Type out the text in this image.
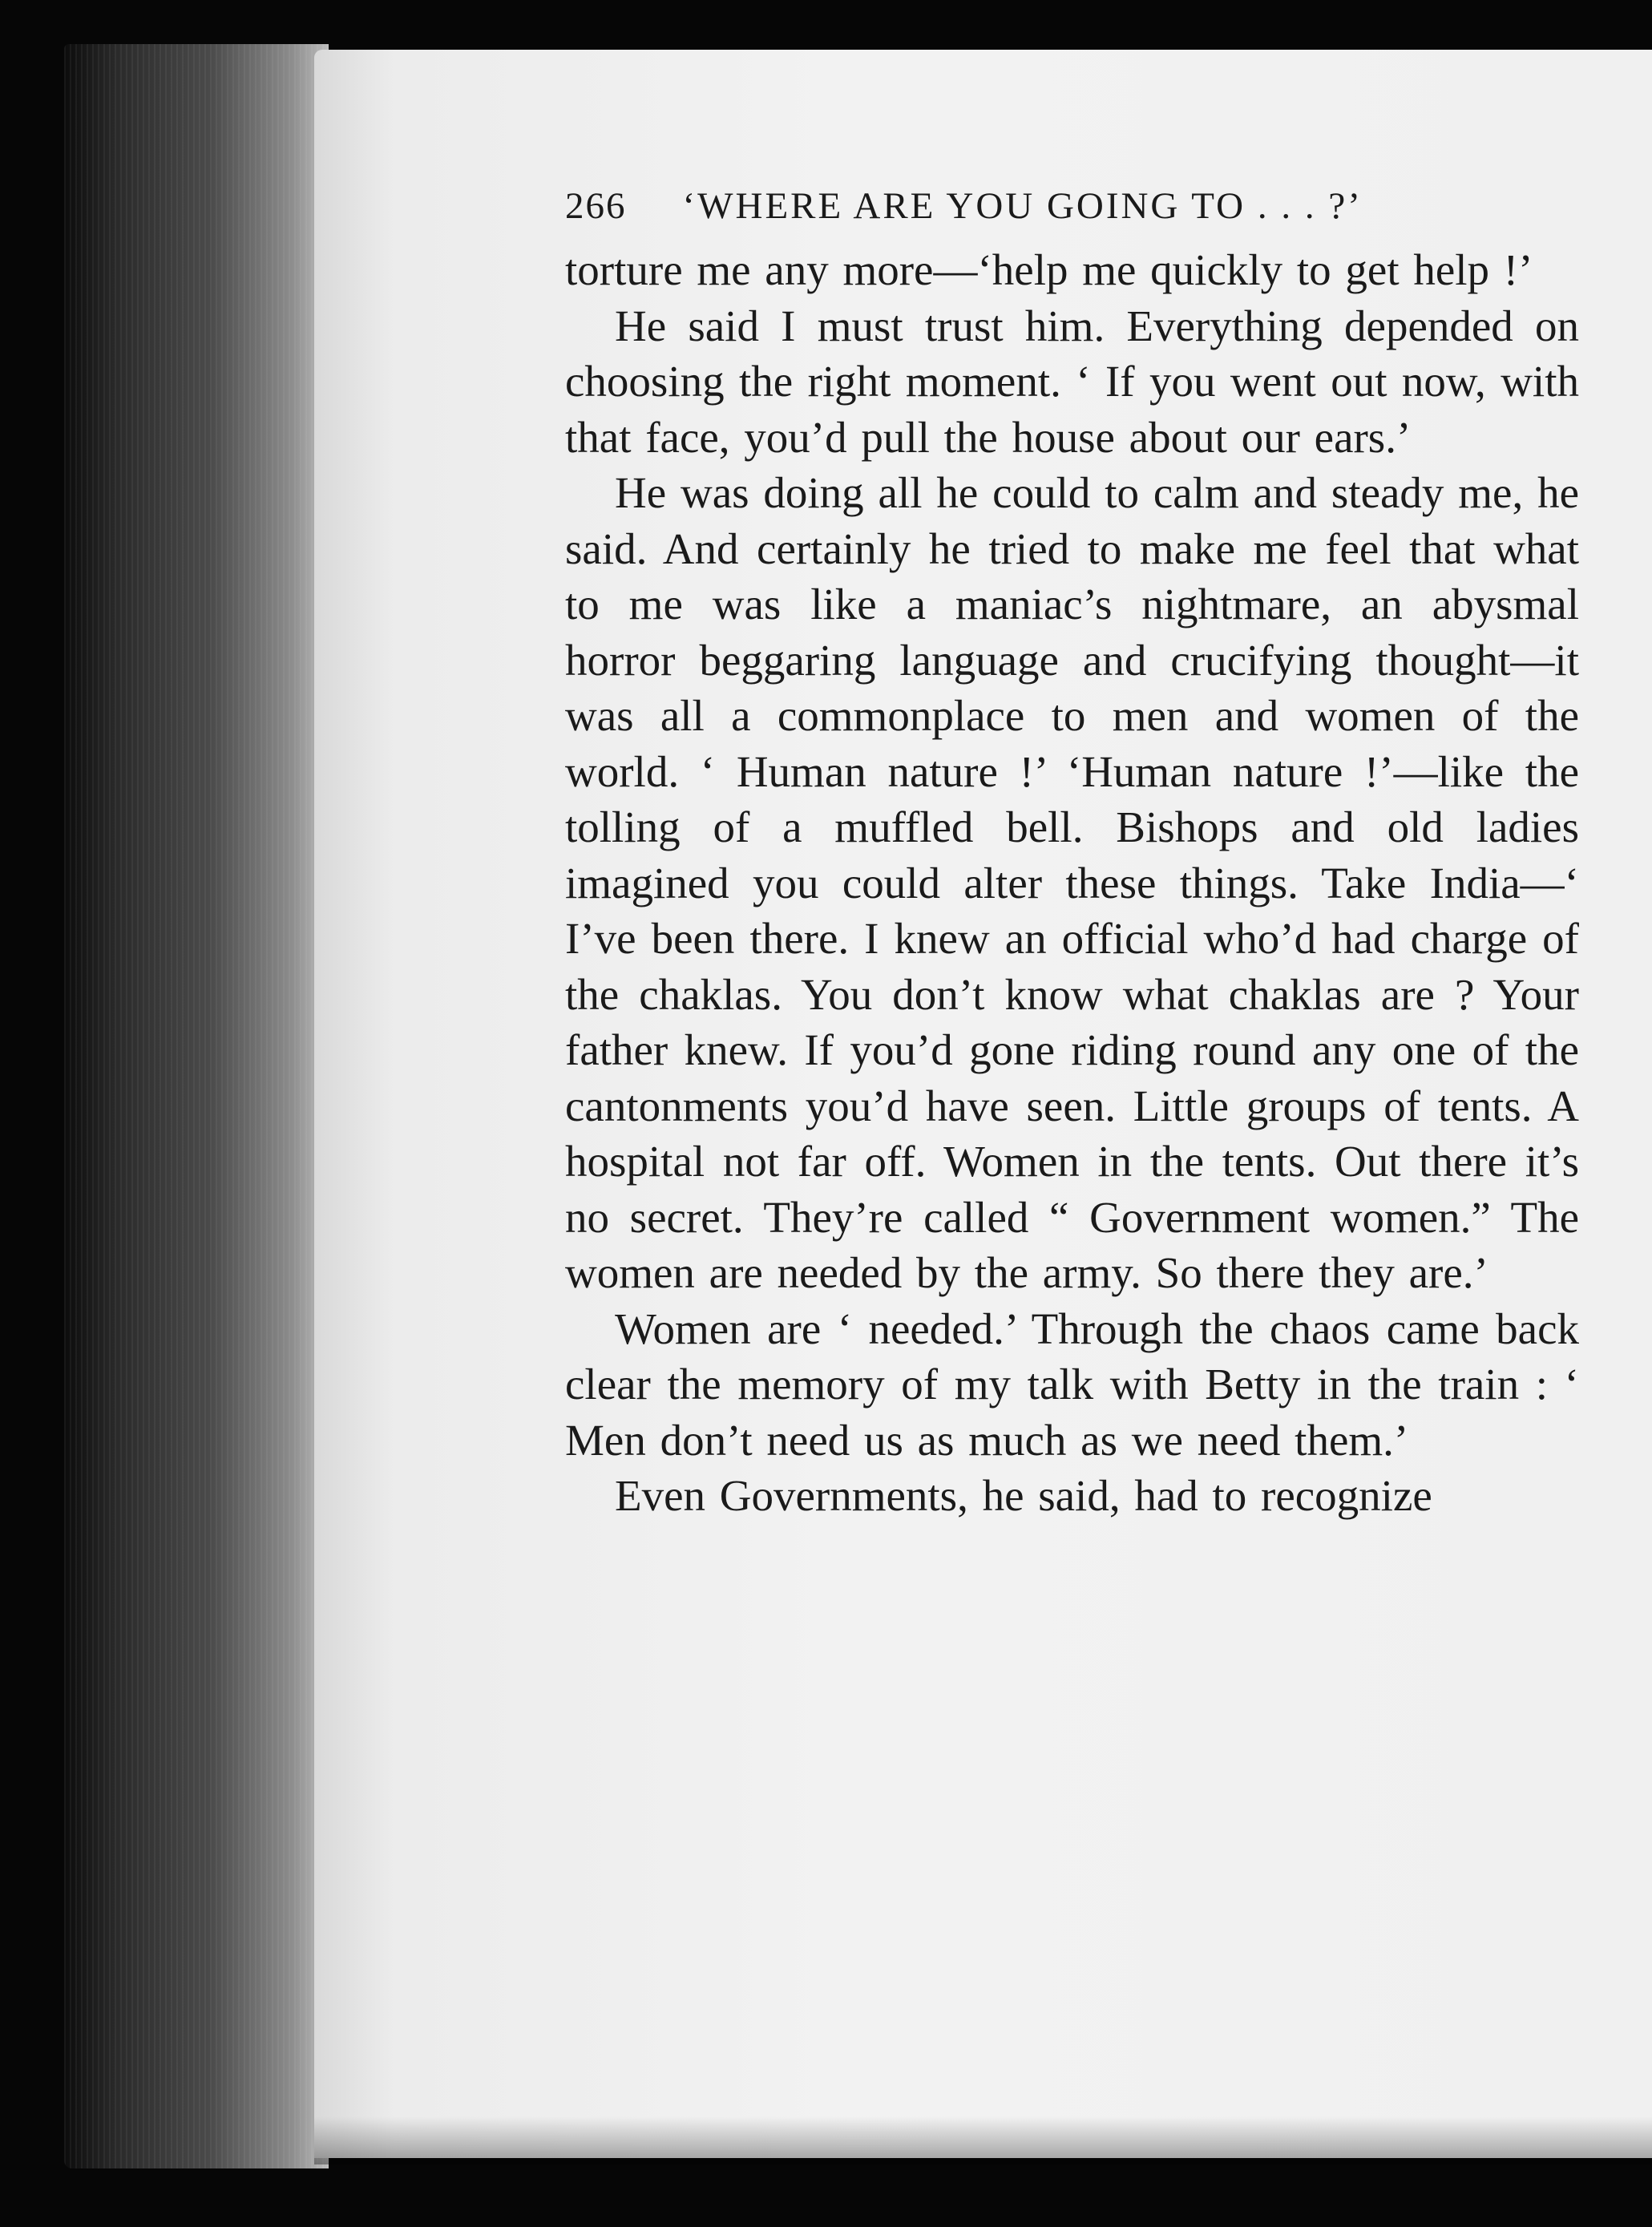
266 ‘WHERE ARE YOU GOING TO . . . ?’

torture me any more—‘help me quickly to get help !’

He said I must trust him. Everything depended on choosing the right moment. ‘ If you went out now, with that face, you’d pull the house about our ears.’

He was doing all he could to calm and steady me, he said. And certainly he tried to make me feel that what to me was like a maniac’s nightmare, an abysmal horror beggaring language and crucifying thought—it was all a commonplace to men and women of the world. ‘ Human nature !’ ‘Human nature !’—like the tolling of a muffled bell. Bishops and old ladies imagined you could alter these things. Take India—‘ I’ve been there. I knew an official who’d had charge of the chaklas. You don’t know what chaklas are ? Your father knew. If you’d gone riding round any one of the cantonments you’d have seen. Little groups of tents. A hospital not far off. Women in the tents. Out there it’s no secret. They’re called “ Government women.” The women are needed by the army. So there they are.’

Women are ‘ needed.’ Through the chaos came back clear the memory of my talk with Betty in the train : ‘ Men don’t need us as much as we need them.’

Even Governments, he said, had to recognize
